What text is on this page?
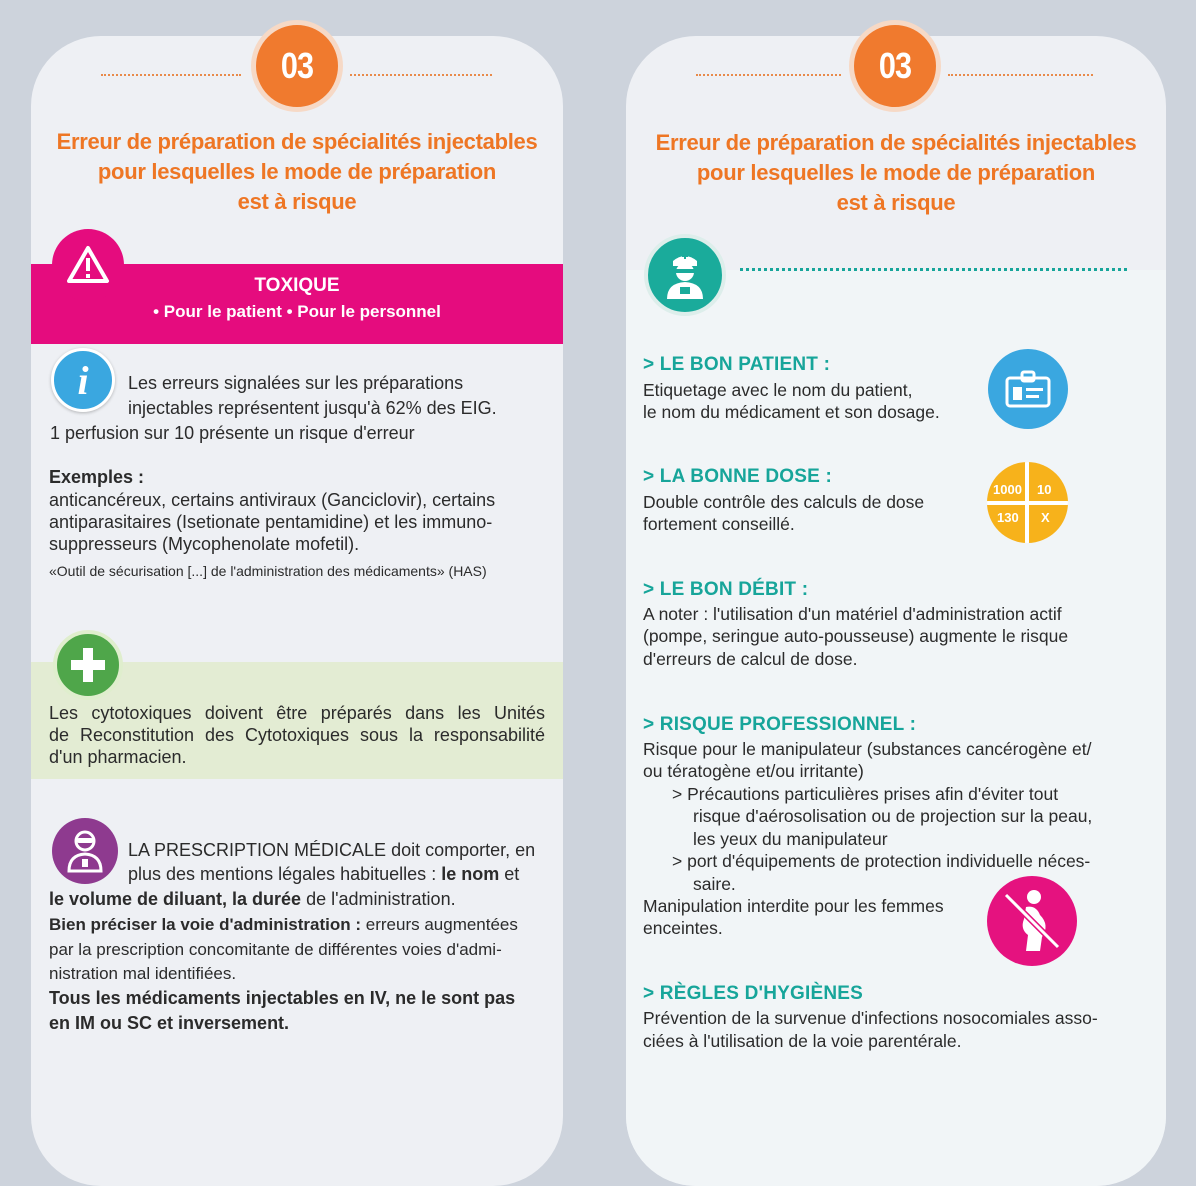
03
Erreur de préparation de spécialités injectables
pour lesquelles le mode de préparation
est à risque
TOXIQUE
• Pour le patient • Pour le personnel
i Les erreurs signalées sur les préparations
injectables représentent jusqu'à 62% des EIG.
1 perfusion sur 10 présente un risque d'erreur
Exemples :
anticancéreux, certains antiviraux (Ganciclovir), certains
antiparasitaires (Isetionate pentamidine) et les immuno-
suppresseurs (Mycophenolate mofetil).
«Outil de sécurisation [...] de l'administration des médicaments» (HAS)
Les cytotoxiques doivent être préparés dans les Unités
de Reconstitution des Cytotoxiques sous la responsabilité
d'un pharmacien.
LA PRESCRIPTION MÉDICALE doit comporter, en
plus des mentions légales habituelles : le nom et
le volume de diluant, la durée de l'administration.
Bien préciser la voie d'administration : erreurs augmentées
par la prescription concomitante de différentes voies d'admi-
nistration mal identifiées.
Tous les médicaments injectables en IV, ne le sont pas
en IM ou SC et inversement.
03
Erreur de préparation de spécialités injectables
pour lesquelles le mode de préparation
est à risque
> LE BON PATIENT :
Etiquetage avec le nom du patient,
le nom du médicament et son dosage.
> LA BONNE DOSE :
Double contrôle des calculs de dose
fortement conseillé.
1000 10
130 X
> LE BON DÉBIT :
A noter : l'utilisation d'un matériel d'administration actif
(pompe, seringue auto-pousseuse) augmente le risque
d'erreurs de calcul de dose.
> RISQUE PROFESSIONNEL :
Risque pour le manipulateur (substances cancérogène et/
ou tératogène et/ou irritante)
> Précautions particulières prises afin d'éviter tout
risque d'aérosolisation ou de projection sur la peau,
les yeux du manipulateur
> port d'équipements de protection individuelle néces-
saire.
Manipulation interdite pour les femmes
enceintes.
> RÈGLES D'HYGIÈNES
Prévention de la survenue d'infections nosocomiales asso-
ciées à l'utilisation de la voie parentérale.
